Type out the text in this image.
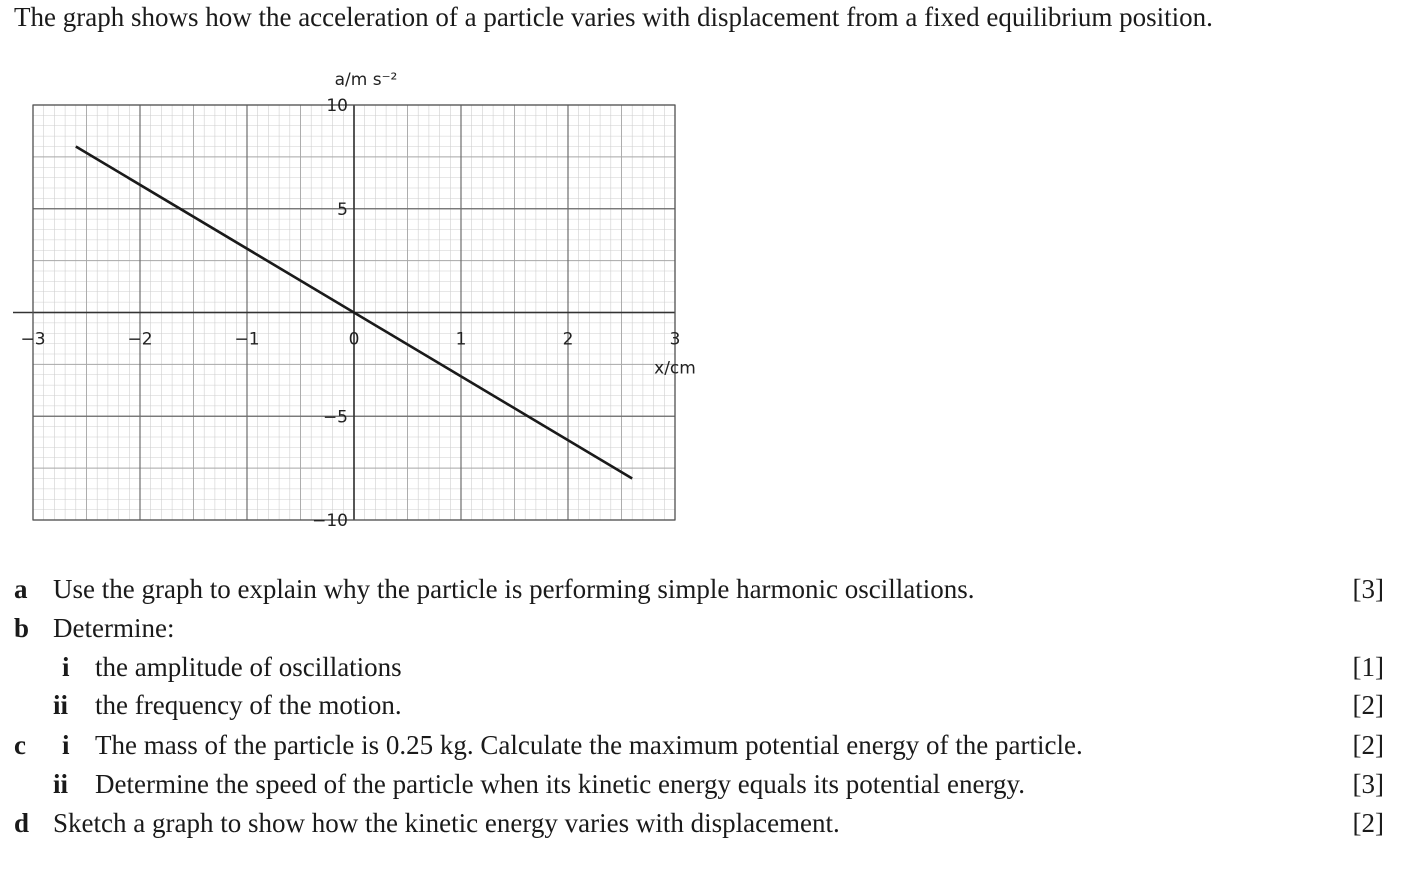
The graph shows how the acceleration of a particle varies with displacement from a fixed equilibrium position.
−3	−2	−1	0	1	2	3
10
5
−5
−10
a/m s⁻²
x/cm
a Use the graph to explain why the particle is performing simple harmonic oscillations.	[3]
b Determine:
i the amplitude of oscillations	[1]
ii the frequency of the motion.	[2]
c i The mass of the particle is 0.25 kg. Calculate the maximum potential energy of the particle.	[2]
ii Determine the speed of the particle when its kinetic energy equals its potential energy.	[3]
d Sketch a graph to show how the kinetic energy varies with displacement.	[2]
